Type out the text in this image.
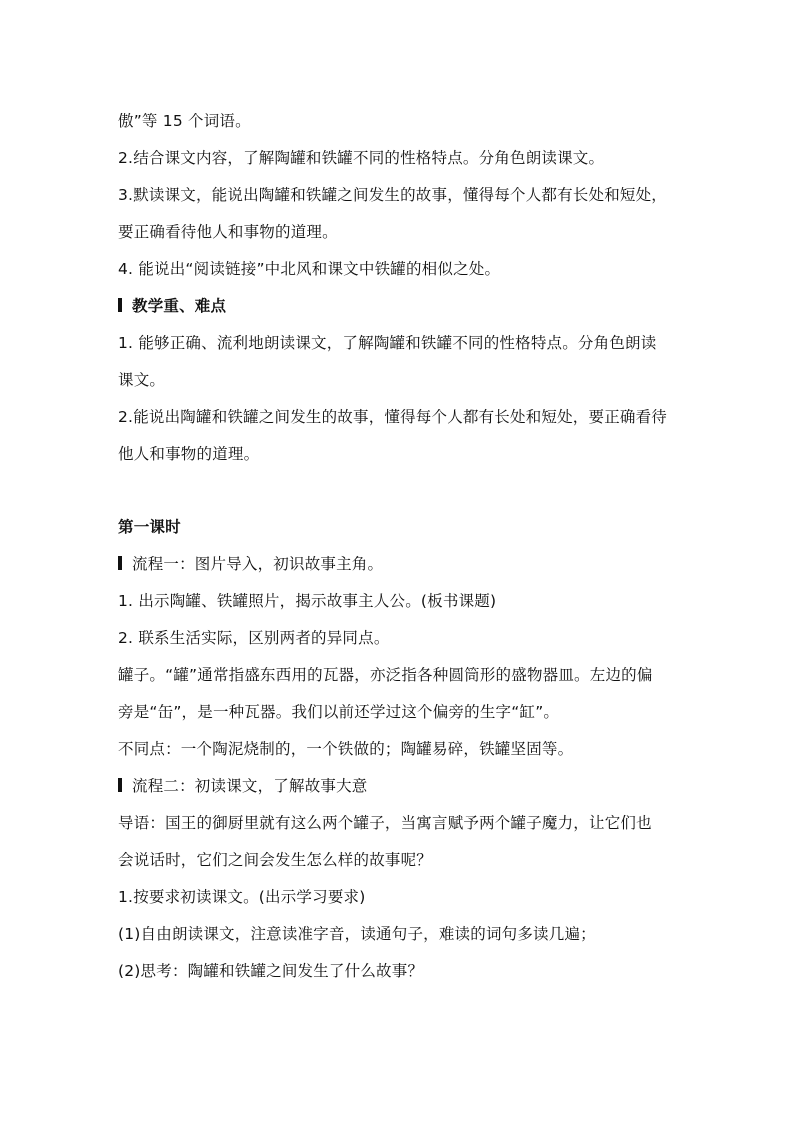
傲”等 15 个词语。
2.结合课文内容，了解陶罐和铁罐不同的性格特点。分角色朗读课文。
3.默读课文，能说出陶罐和铁罐之间发生的故事，懂得每个人都有长处和短处，
要正确看待他人和事物的道理。
4. 能说出“阅读链接”中北风和课文中铁罐的相似之处。
教学重、难点
1. 能够正确、流利地朗读课文，了解陶罐和铁罐不同的性格特点。分角色朗读
课文。
2.能说出陶罐和铁罐之间发生的故事，懂得每个人都有长处和短处，要正确看待
他人和事物的道理。
第一课时
流程一：图片导入，初识故事主角。
1. 出示陶罐、铁罐照片，揭示故事主人公。(板书课题)
2. 联系生活实际，区别两者的异同点。
罐子。“罐”通常指盛东西用的瓦器，亦泛指各种圆筒形的盛物器皿。左边的偏
旁是“缶”，是一种瓦器。我们以前还学过这个偏旁的生字“缸”。
不同点：一个陶泥烧制的，一个铁做的；陶罐易碎，铁罐坚固等。
流程二：初读课文，了解故事大意
导语：国王的御厨里就有这么两个罐子，当寓言赋予两个罐子魔力，让它们也
会说话时，它们之间会发生怎么样的故事呢？
1.按要求初读课文。(出示学习要求)
(1)自由朗读课文，注意读准字音，读通句子，难读的词句多读几遍；
(2)思考：陶罐和铁罐之间发生了什么故事？
